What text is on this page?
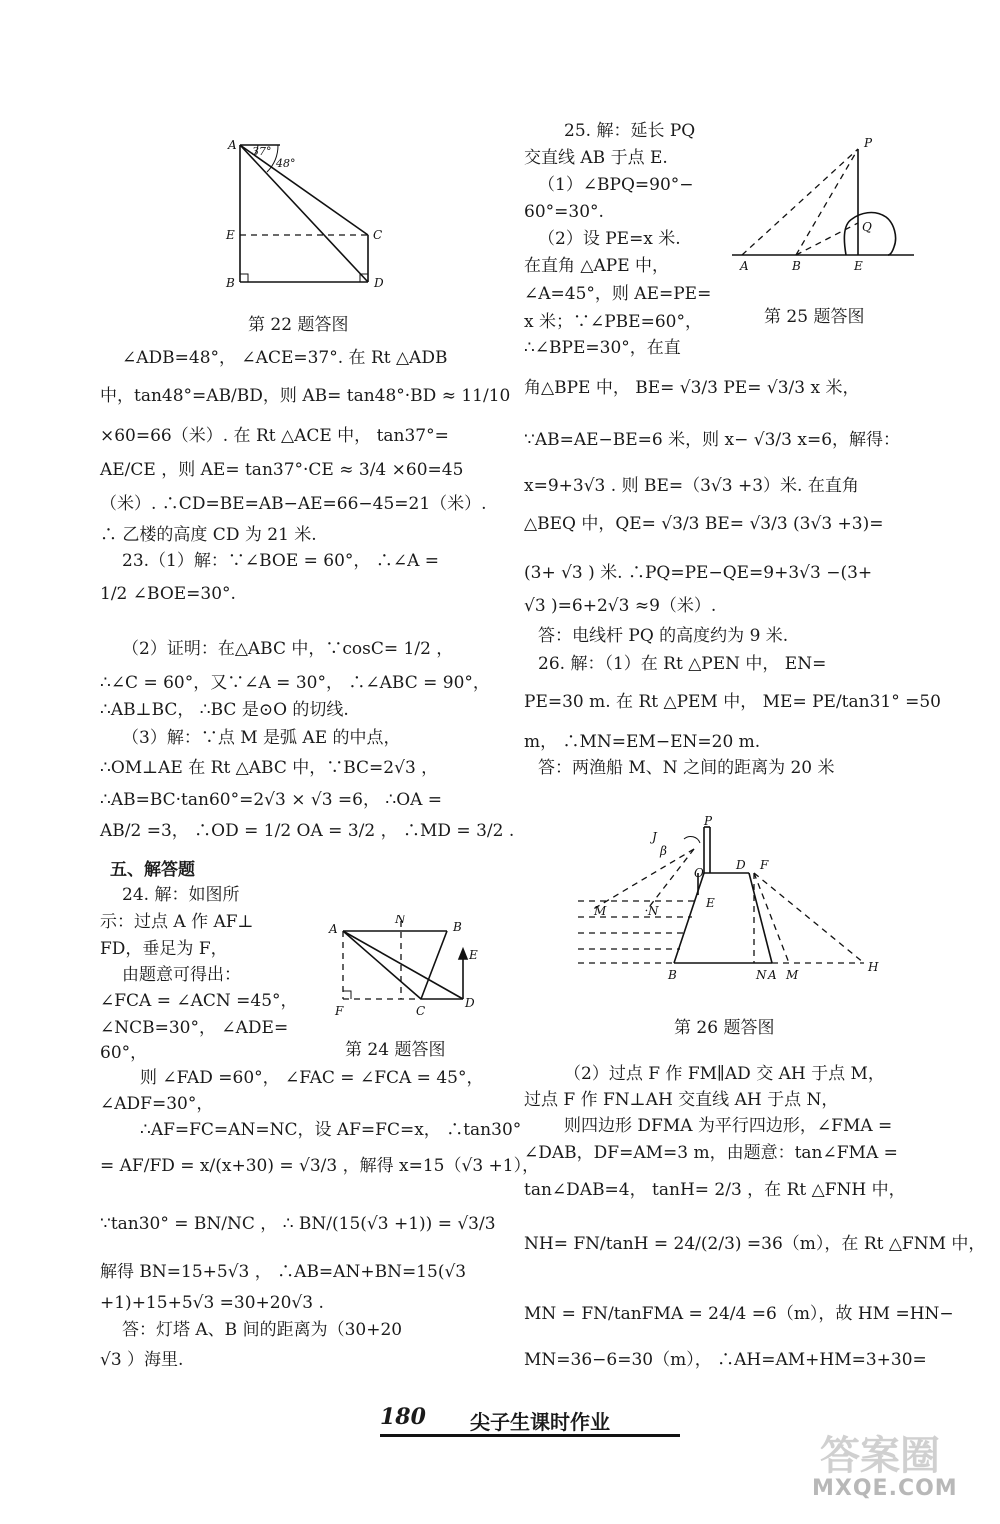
A
B
C
D
E
37°
48°
第 22 题答图
A
N
B
F	C
D
E
第 24 题答图
P
Q
A	B	E
第 25 题答图
J
β
P
O
D F
E
M	N
B	N A M
H
第 26 题答图
∠ADB=48°， ∠ACE=37°. 在 Rt △ADB
中，tan48°=AB/BD，则 AB= tan48°·BD ≈ 11/10
×60=66（米）. 在 Rt △ACE 中， tan37°=
AE/CE ，则 AE= tan37°·CE ≈ 3/4 ×60=45
（米）. ∴CD=BE=AB−AE=66−45=21（米）.
∴ 乙楼的高度 CD 为 21 米.
23.（1）解：∵∠BOE = 60°， ∴∠A =
1/2 ∠BOE=30°.
（2）证明：在△ABC 中，∵cosC= 1/2 ，
∴∠C = 60°，又∵∠A = 30°， ∴∠ABC = 90°，
∴AB⊥BC， ∴BC 是⊙O 的切线.
（3）解：∵点 M 是弧 AE 的中点，
∴OM⊥AE 在 Rt △ABC 中，∵BC=2√3 ，
∴AB=BC·tan60°=2√3 × √3 =6， ∴OA =
AB/2 =3， ∴OD = 1/2 OA = 3/2 ， ∴MD = 3/2 .
五、解答题
24. 解：如图所
示：过点 A 作 AF⊥
FD，垂足为 F，
由题意可得出：
∠FCA = ∠ACN =45°，
∠NCB=30°， ∠ADE=
60°，
则 ∠FAD =60°， ∠FAC = ∠FCA = 45°，
∠ADF=30°，
∴AF=FC=AN=NC，设 AF=FC=x， ∴tan30°
= AF/FD = x/(x+30) = √3/3 ，解得 x=15（√3 +1），
∵tan30° = BN/NC ， ∴ BN/(15(√3 +1)) = √3/3
解得 BN=15+5√3 ， ∴AB=AN+BN=15(√3
+1)+15+5√3 =30+20√3 .
答：灯塔 A、B 间的距离为（30+20
√3 ）海里.
25. 解：延长 PQ
交直线 AB 于点 E.
（1）∠BPQ=90°−
60°=30°.
（2）设 PE=x 米.
在直角 △APE 中，
∠A=45°，则 AE=PE=
x 米；∵∠PBE=60°，
∴∠BPE=30°，在直
角△BPE 中， BE= √3/3 PE= √3/3 x 米，
∵AB=AE−BE=6 米，则 x− √3/3 x=6，解得：
x=9+3√3 . 则 BE=（3√3 +3）米. 在直角
△BEQ 中，QE= √3/3 BE= √3/3 (3√3 +3)=
(3+ √3 ) 米. ∴PQ=PE−QE=9+3√3 −(3+
√3 )=6+2√3 ≈9（米）.
答：电线杆 PQ 的高度约为 9 米.
26. 解：（1）在 Rt △PEN 中， EN=
PE=30 m. 在 Rt △PEM 中， ME= PE/tan31° =50
m， ∴MN=EM−EN=20 m.
答：两渔船 M、N 之间的距离为 20 米
（2）过点 F 作 FM∥AD 交 AH 于点 M，
过点 F 作 FN⊥AH 交直线 AH 于点 N，
则四边形 DFMA 为平行四边形，∠FMA =
∠DAB，DF=AM=3 m，由题意：tan∠FMA =
tan∠DAB=4， tanH= 2/3 ，在 Rt △FNH 中，
NH= FN/tanH = 24/(2/3) =36（m），在 Rt △FNM 中，
MN = FN/tanFMA = 24/4 =6（m），故 HM =HN−
MN=36−6=30（m）， ∴AH=AM+HM=3+30=
180 尖子生课时作业
答案圈
MXQE.COM
